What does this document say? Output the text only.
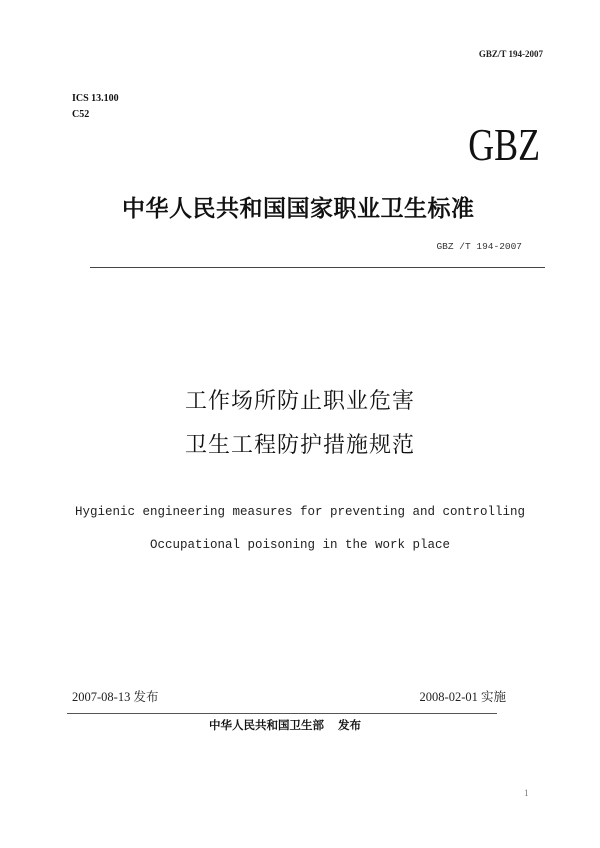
GBZ/T 194-2007
ICS 13.100
C52
GBZ
中华人民共和国国家职业卫生标准
GBZ /T 194-2007
工作场所防止职业危害
卫生工程防护措施规范
Hygienic engineering measures for preventing and controlling
Occupational poisoning in the work place
2007-08-13 发布	2008-02-01 实施
中华人民共和国卫生部 发布
1
